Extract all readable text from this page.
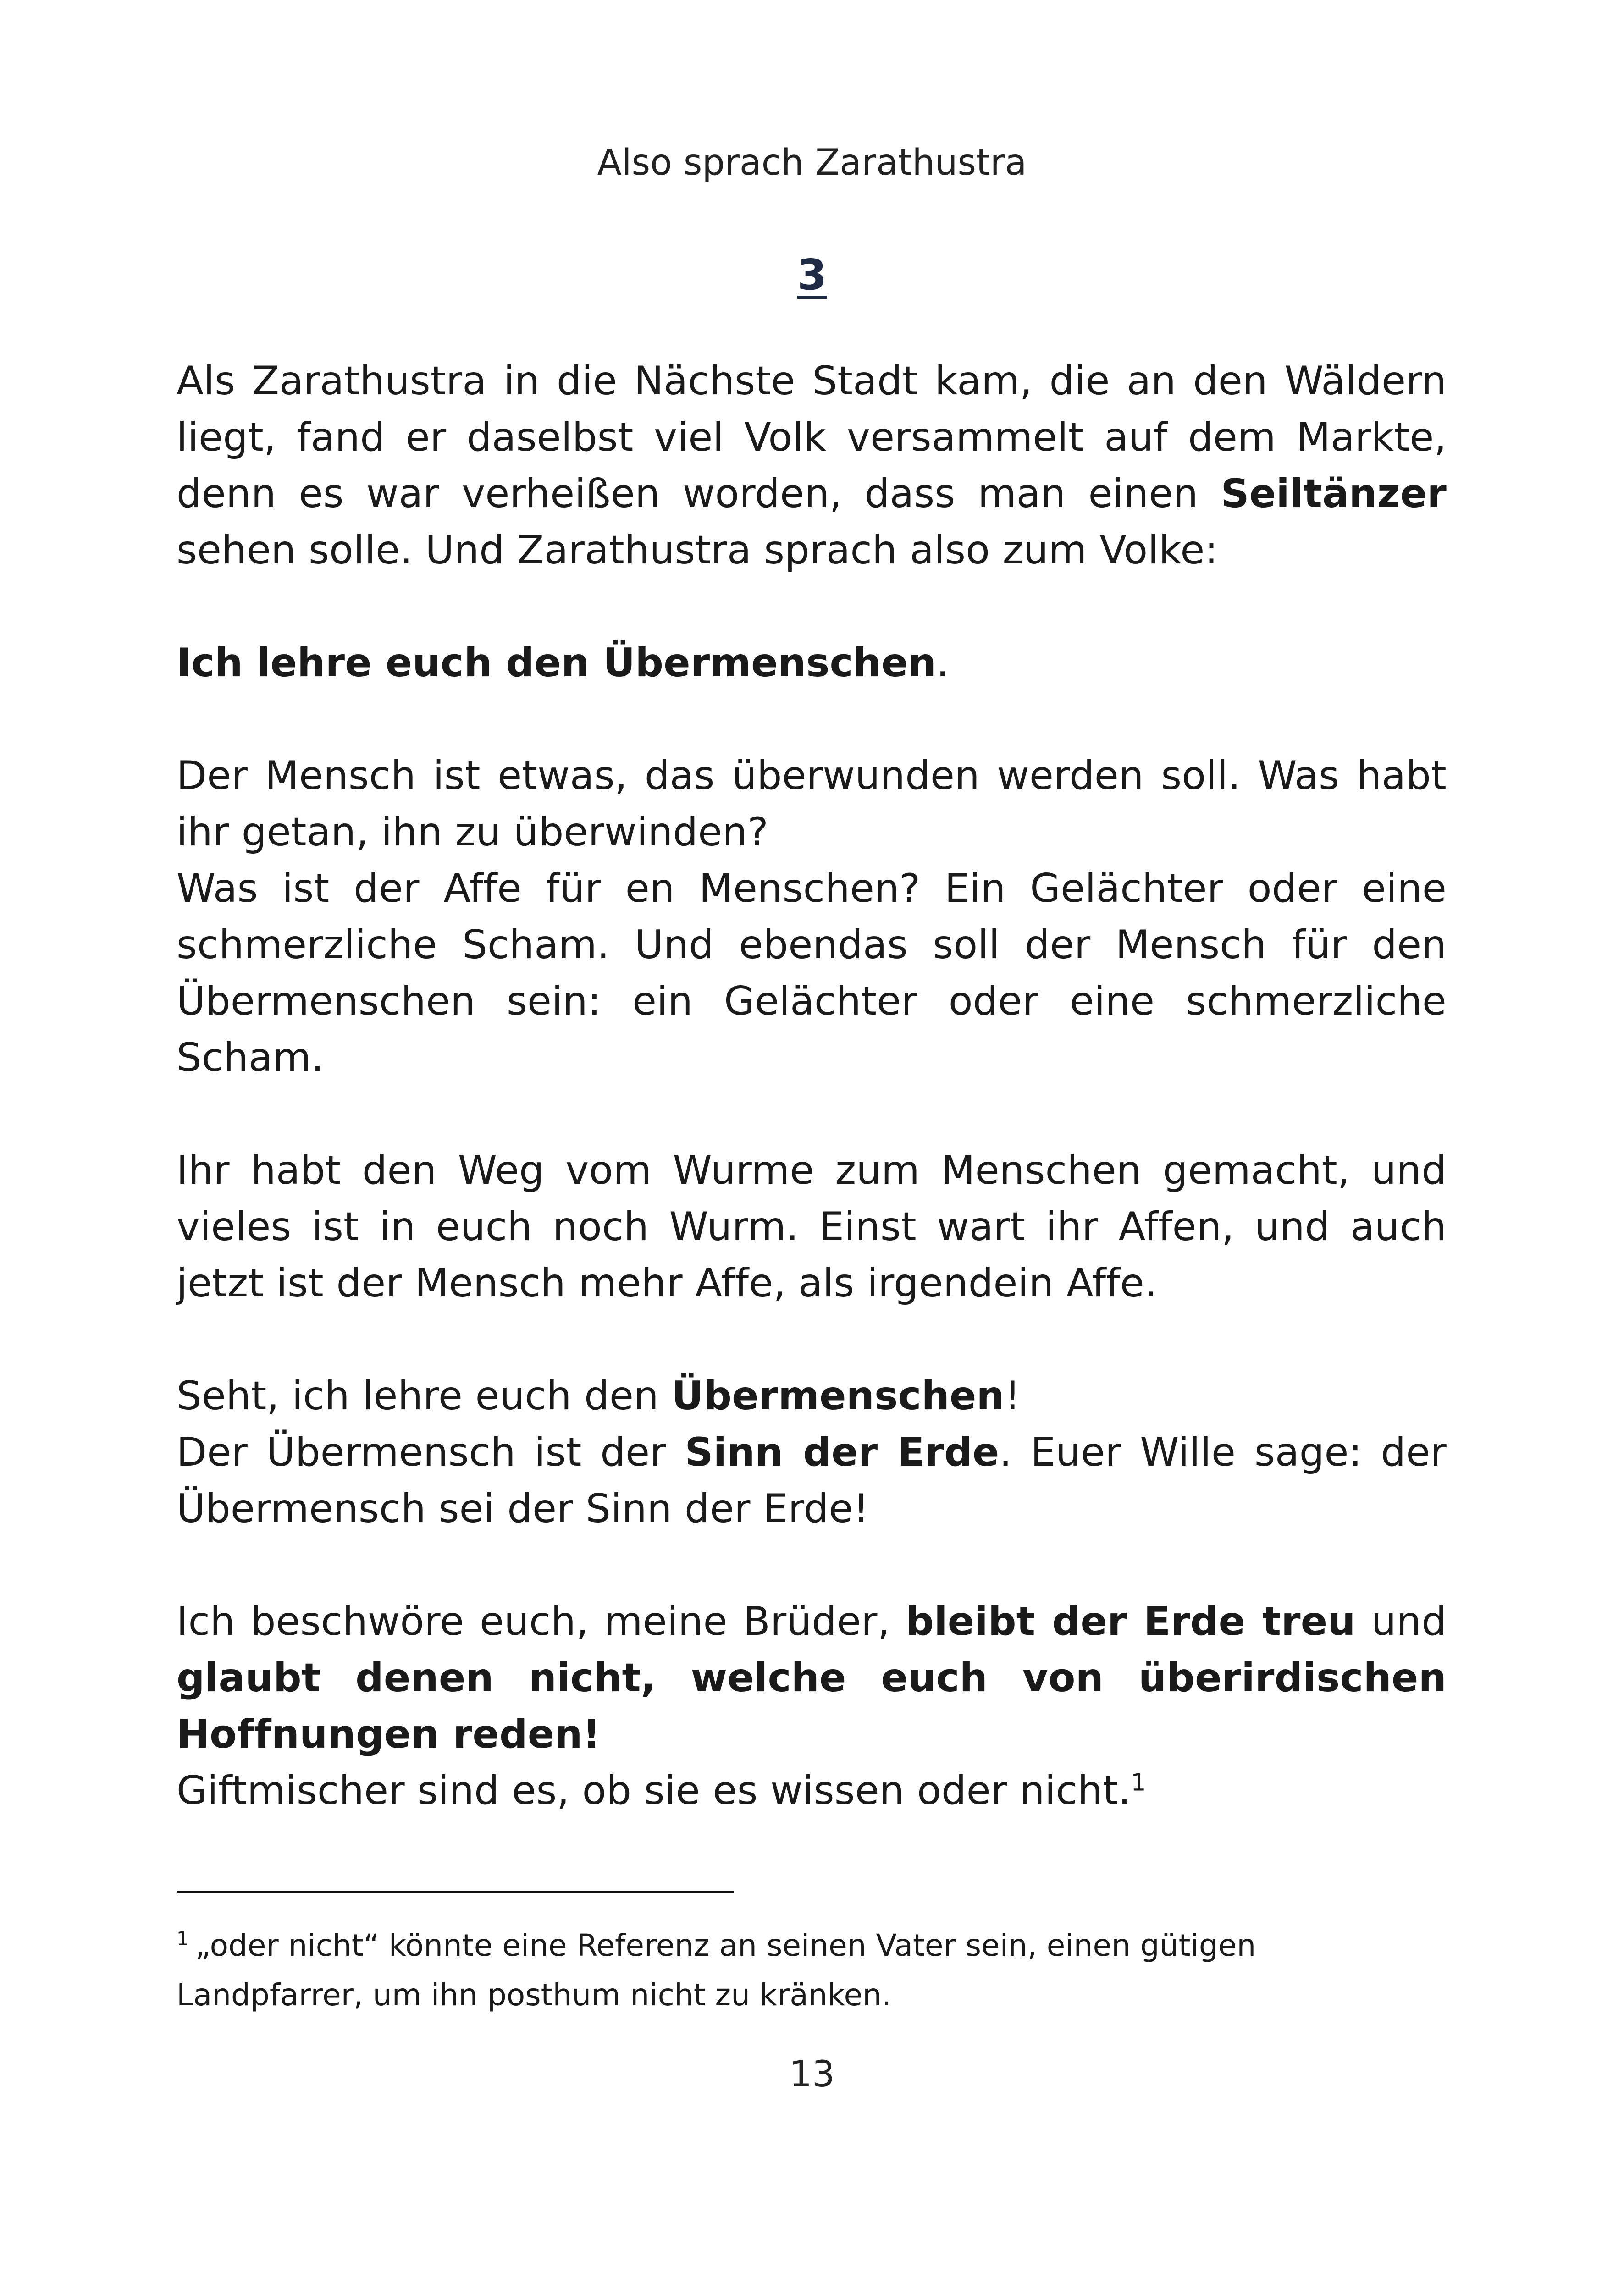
Also sprach Zarathustra
3

Als Zarathustra in die Nächste Stadt kam, die an den Wäldern liegt, fand er daselbst viel Volk versammelt auf dem Markte, denn es war verheißen worden, dass man einen Seiltänzer sehen solle. Und Zarathustra sprach also zum Volke:

Ich lehre euch den Übermenschen.

Der Mensch ist etwas, das überwunden werden soll. Was habt ihr getan, ihn zu überwinden?

Was ist der Affe für en Menschen? Ein Gelächter oder eine schmerzliche Scham. Und ebendas soll der Mensch für den Übermenschen sein: ein Gelächter oder eine schmerzliche Scham.

Ihr habt den Weg vom Wurme zum Menschen gemacht, und vieles ist in euch noch Wurm. Einst wart ihr Affen, und auch jetzt ist der Mensch mehr Affe, als irgendein Affe.

Seht, ich lehre euch den Übermenschen!

Der Übermensch ist der Sinn der Erde. Euer Wille sage: der Übermensch sei der Sinn der Erde!

Ich beschwöre euch, meine Brüder, bleibt der Erde treu und glaubt denen nicht, welche euch von überirdischen Hoffnungen reden!

Giftmischer sind es, ob sie es wissen oder nicht.$^1$

$^1$ „oder nicht“ könnte eine Referenz an seinen Vater sein, einen gütigen Landpfarrer, um ihn posthum nicht zu kränken.
13
